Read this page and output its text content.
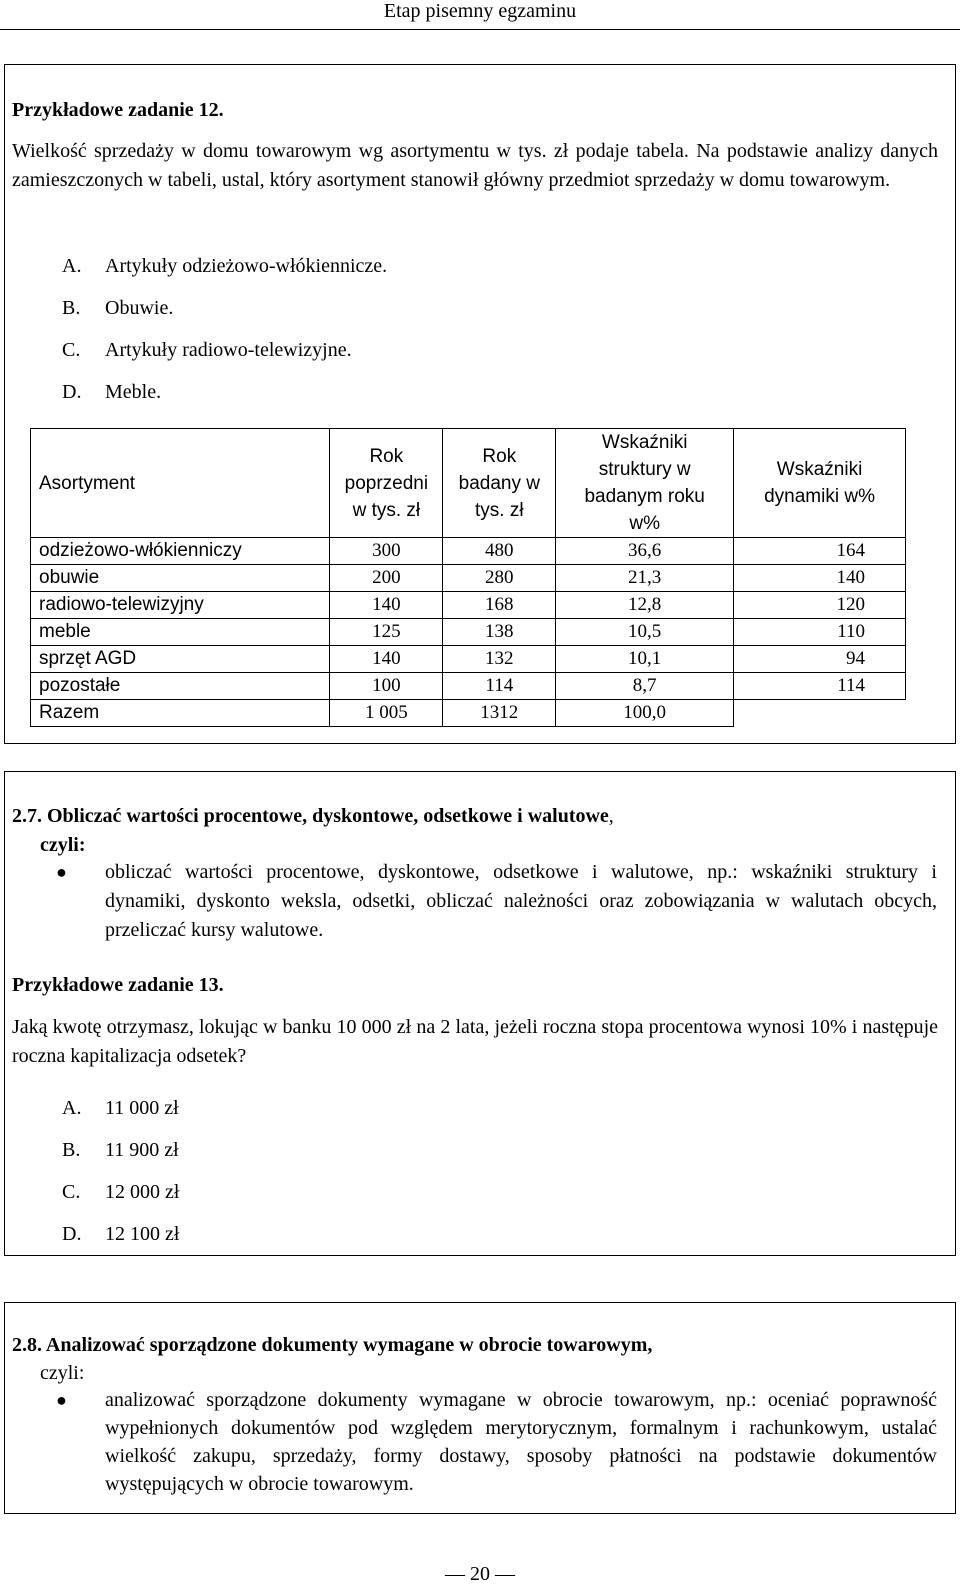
Etap pisemny egzaminu
Przykładowe zadanie 12.
Wielkość sprzedaży w domu towarowym wg asortymentu w tys. zł podaje tabela. Na podstawie analizy danych zamieszczonych w tabeli, ustal, który asortyment stanowił główny przedmiot sprzedaży w domu towarowym.
A. Artykuły odzieżowo-włókiennicze.
B. Obuwie.
C. Artykuły radiowo-telewizyjne.
D. Meble.
Asortyment	Rok poprzedni w tys. zł	Rok badany w tys. zł	Wskaźniki struktury w badanym roku w%	Wskaźniki dynamiki w%
odzieżowo-włókienniczy	300	480	36,6	164
obuwie	200	280	21,3	140
radiowo-telewizyjny	140	168	12,8	120
meble	125	138	10,5	110
sprzęt AGD	140	132	10,1	94
pozostałe	100	114	8,7	114
Razem	1 005	1312	100,0	
2.7. Obliczać wartości procentowe, dyskontowe, odsetkowe i walutowe,
czyli:
● obliczać wartości procentowe, dyskontowe, odsetkowe i walutowe, np.: wskaźniki struktury i dynamiki, dyskonto weksla, odsetki, obliczać należności oraz zobowiązania w walutach obcych, przeliczać kursy walutowe.
Przykładowe zadanie 13.
Jaką kwotę otrzymasz, lokując w banku 10 000 zł na 2 lata, jeżeli roczna stopa procentowa wynosi 10% i następuje roczna kapitalizacja odsetek?
A. 11 000 zł
B. 11 900 zł
C. 12 000 zł
D. 12 100 zł
2.8. Analizować sporządzone dokumenty wymagane w obrocie towarowym,
czyli:
● analizować sporządzone dokumenty wymagane w obrocie towarowym, np.: oceniać poprawność wypełnionych dokumentów pod względem merytorycznym, formalnym i rachunkowym, ustalać wielkość zakupu, sprzedaży, formy dostawy, sposoby płatności na podstawie dokumentów występujących w obrocie towarowym.
— 20 —
